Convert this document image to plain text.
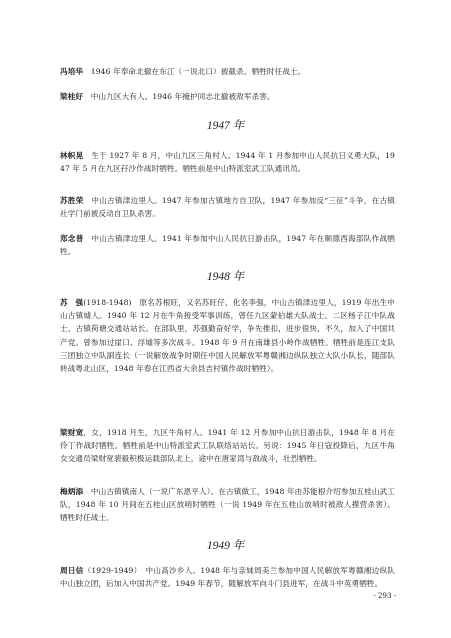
冯培华　 1946 年奉命北撤在东江（一说北口）被截杀。牺牲时任战士。

梁桂好　 中山九区大有人。1946 年掩护同志北撤被敌军杀害。

1947 年

林帜晃　 生于 1927 年 8 月，中山九区三角村人。1944 年 1 月参加中山人民抗日义勇大队，1947 年 5 月在九区孖沙作战时牺牲。牺牲前是中山特派室武工队通讯员。

苏胜荣　 中山古镇津边里人。1947 年参加古镇地方自卫队，1947 年参加反“三征”斗争，在古镇社学门前被反动自卫队杀害。

郑念普　 中山古镇津边里人。1941 年参加中山人民抗日游击队，1947 年在顺德西海部队作战牺牲。

1948 年

苏　强(1918-1948)　原名苏根旺，又名苏旺仔，化名李强，中山古镇津边里人，1919 年出生中山古镇墟人。1940 年 12 月在牛角接受军事训练，曾任九区蒙伯雄大队战士、二区杨子江中队战士、古镇荷塘交通站站长。在部队里，苏强勤奋好学，争先推扣，进步很快，不久，加入了中国共产党。曾参加过崖口、浮墟等多次战斗。1948 年 9 月在南雄县小岭作战牺牲。牺牲前是连江支队三团独立中队副连长（一说解放战争时期任中国人民解放军粤赣湘边纵队独立大队小队长，随部队转战粤北山区，1948 年春在江西省大余县吉村镇作战时牺牲）。

梁财宽，女，1918 月生，九区牛角村人。1941 年 12 月参加中山抗日游击队，1948 年 8 月在伶丁作战时牺牲。牺牲前是中山特派室武工队联络站站长。另说：1945 年日寇投降后，九区牛角女交通员梁财宽裴毅积极运载部队北上，途中在唐家湾与敌战斗，壮烈牺牲。

梅炳添　 中山古镇镇南人（一说广东恩平人）。在古镇做工，1948 年由苏能根介绍参加五桂山武工队，1948 年 10 月间在五桂山区放哨时牺牲（一说 1949 年在五桂山放哨时被敌人摸营杀害）。牺牲时任战士。

1949 年

周日信（1929-1949）　中山高沙乡人。1948 年与亲妹周美兰参加中国人民解放军粤赣湘边纵队中山独立团，后加入中国共产党。1949 年春节，随解放军向斗门县进军，在战斗中英勇牺牲。

- 293 -
